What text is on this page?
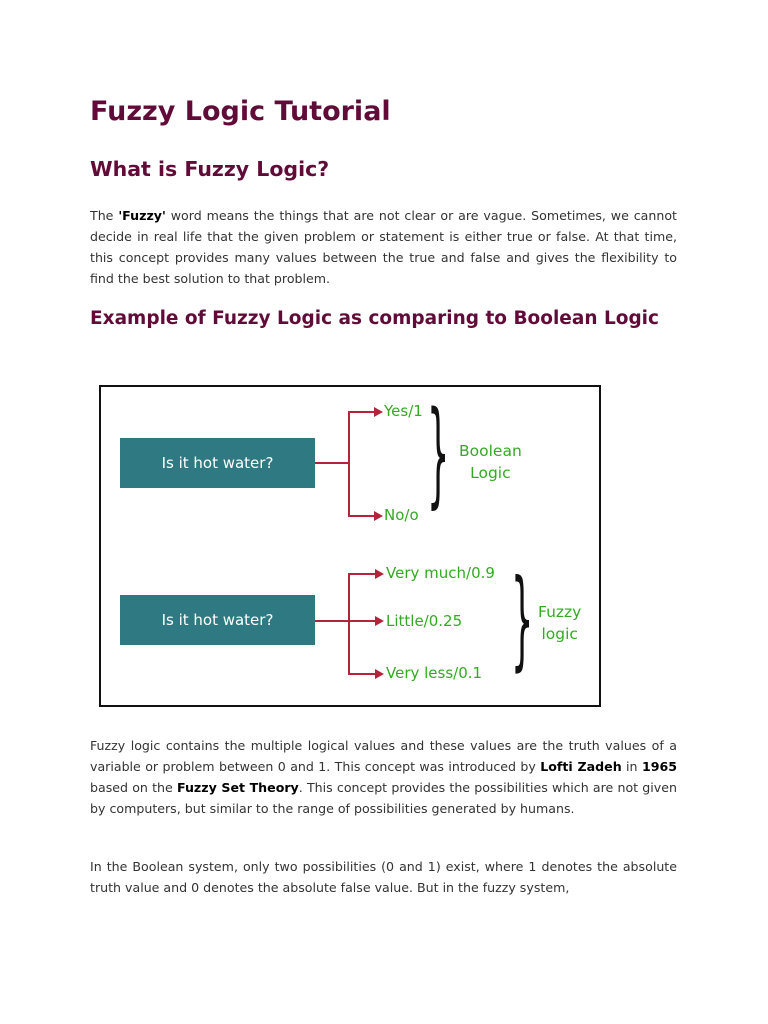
Fuzzy Logic Tutorial
What is Fuzzy Logic?

The 'Fuzzy' word means the things that are not clear or are vague. Sometimes, we cannot decide in real life that the given problem or statement is either true or false. At that time, this concept provides many values between the true and false and gives the flexibility to find the best solution to that problem.

Example of Fuzzy Logic as comparing to Boolean Logic

Fuzzy logic contains the multiple logical values and these values are the truth values of a variable or problem between 0 and 1. This concept was introduced by Lofti Zadeh in 1965 based on the Fuzzy Set Theory. This concept provides the possibilities which are not given by computers, but similar to the range of possibilities generated by humans.

In the Boolean system, only two possibilities (0 and 1) exist, where 1 denotes the absolute truth value and 0 denotes the absolute false value. But in the fuzzy system,

Is it hot water?
Yes/1
No/o } Boolean
Logic
Is it hot water?
Very much/0.9
Little/0.25
Very less/0.1 } Fuzzy
logic
